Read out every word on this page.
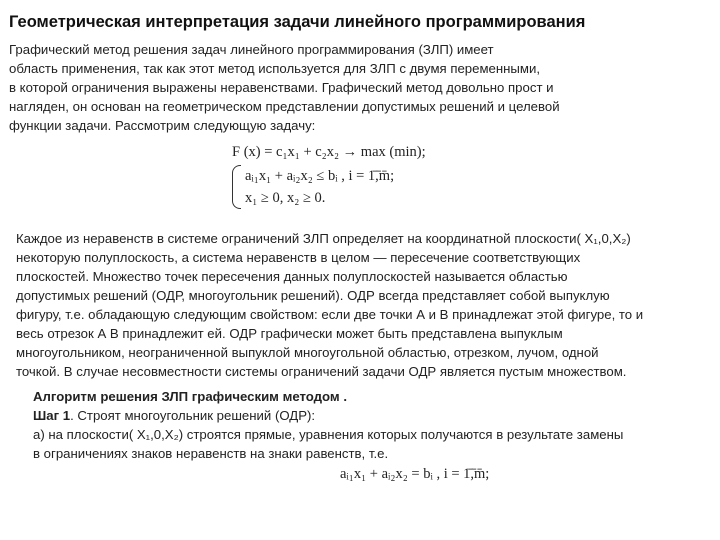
Геометрическая интерпретация задачи линейного программирования
Графический метод решения задач линейного программирования (ЗЛП) имеет
область применения, так как этот метод используется для ЗЛП с двумя переменными,
в которой ограничения выражены неравенствами. Графический метод довольно прост и
нагляден, он основан на геометрическом представлении допустимых решений и целевой
функции задачи. Рассмотрим следующую задачу:
F (x) = c₁x₁ + c₂x₂ → max (min);
aᵢ₁x₁ + aᵢ₂x₂ ≤ bᵢ , i = 1̄,̄m̄;
x₁ ≥ 0, x₂ ≥ 0.
Каждое из неравенств в системе ограничений ЗЛП определяет на координатной плоскости( X₁,0,X₂)
некоторую полуплоскость, а система неравенств в целом — пересечение соответствующих
плоскостей. Множество точек пересечения данных полуплоскостей называется областью
допустимых решений (ОДР, многоугольник решений). ОДР всегда представляет собой выпуклую
фигуру, т.е. обладающую следующим свойством: если две точки А и В принадлежат этой фигуре, то и
весь отрезок А В принадлежит ей. ОДР графически может быть представлена выпуклым
многоугольником, неограниченной выпуклой многоугольной областью, отрезком, лучом, одной
точкой. В случае несовместности системы ограничений задачи ОДР является пустым множеством.
Алгоритм решения ЗЛП графическим методом .
Шаг 1. Строят многоугольник решений (ОДР):
а) на плоскости( X₁,0,X₂) строятся прямые, уравнения которых получаются в результате замены
в ограничениях знаков неравенств на знаки равенств, т.е.
aᵢ₁x₁ + aᵢ₂x₂ = bᵢ , i = 1̄,̄m̄;
